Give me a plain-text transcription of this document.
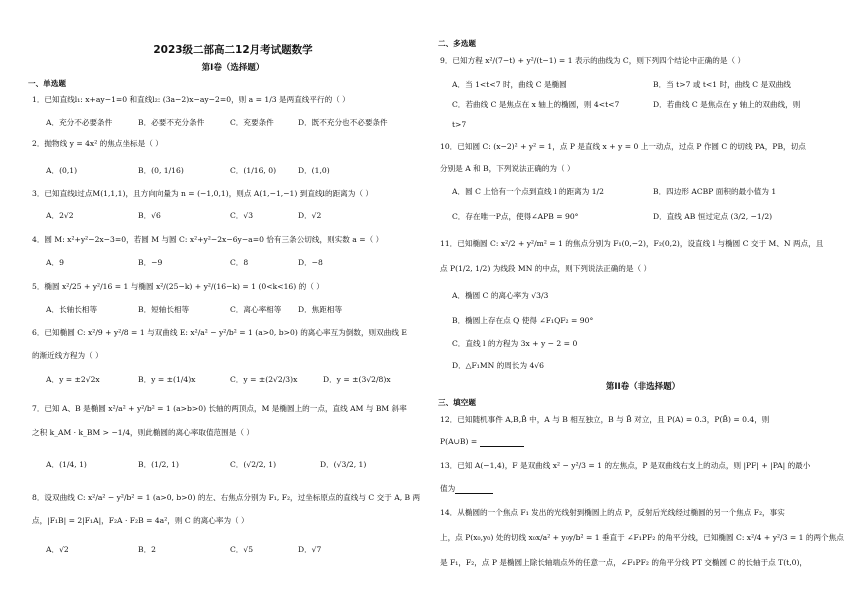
2023级二部高二12月考试题数学
第Ⅰ卷（选择题）
一、单选题
1．已知直线l₁: x+ay−1=0 和直线l₂: (3a−2)x−ay−2=0，则 a = 1/3 是两直线平行的（ ）
A．充分不必要条件	B．必要不充分条件	C．充要条件	D．既不充分也不必要条件
2．抛物线 y = 4x² 的焦点坐标是（ ）
A．(0,1)	B．(0, 1/16)	C．(1/16, 0)	D．(1,0)
3．已知直线l过点M(1,1,1)，且方向向量为 n = (−1,0,1)，则点 A(1,−1,−1) 到直线l的距离为（ ）
A．2√2	B．√6	C．√3	D．√2
4．圆 M: x²+y²−2x−3=0，若圆 M 与圆 C: x²+y²−2x−6y−a=0 恰有三条公切线，则实数 a =（ ）
A．9	B．−9	C．8	D．−8
5．椭圆 x²/25 + y²/16 = 1 与椭圆 x²/(25−k) + y²/(16−k) = 1 (0<k<16) 的（ ）
A．长轴长相等	B．短轴长相等	C．离心率相等 D．焦距相等
6．已知椭圆 C: x²/9 + y²/8 = 1 与双曲线 E: x²/a² − y²/b² = 1 (a>0, b>0) 的离心率互为倒数，则双曲线 E
的渐近线方程为（ ）
A．y = ±2√2x	B．y = ±(1/4)x	C．y = ±(2√2/3)x	D．y = ±(3√2/8)x
7．已知 A、B 是椭圆 x²/a² + y²/b² = 1 (a>b>0) 长轴的两顶点，M 是椭圆上的一点，直线 AM 与 BM 斜率
之积 k_AM · k_BM > −1/4，则此椭圆的离心率取值范围是（ ）
A．(1/4, 1)	B．(1/2, 1)	C．(√2/2, 1)	D．(√3/2, 1)
8．设双曲线 C: x²/a² − y²/b² = 1 (a>0, b>0) 的左、右焦点分别为 F₁, F₂，过坐标原点的直线与 C 交于 A, B 两
点，|F₁B| = 2|F₁A|，F₂A · F₂B = 4a²，则 C 的离心率为（ ）
A．√2	B．2	C．√5	D．√7
二、多选题
9．已知方程 x²/(7−t) + y²/(t−1) = 1 表示的曲线为 C，则下列四个结论中正确的是（ ）
A．当 1<t<7 时，曲线 C 是椭圆	B．当 t>7 或 t<1 时，曲线 C 是双曲线
C．若曲线 C 是焦点在 x 轴上的椭圆，则 4<t<7	D．若曲线 C 是焦点在 y 轴上的双曲线，则
t>7
10．已知圆 C: (x−2)² + y² = 1，点 P 是直线 x + y = 0 上一动点，过点 P 作圆 C 的切线 PA，PB，切点
分别是 A 和 B，下列说法正确的为（ ）
A．圆 C 上恰有一个点到直线 l 的距离为 1/2	B．四边形 ACBP 面积的最小值为 1
C．存在唯一P点，使得∠APB = 90°	D．直线 AB 恒过定点 (3/2, −1/2)
11．已知椭圆 C: x²/2 + y²/m² = 1 的焦点分别为 F₁(0,−2)，F₂(0,2)，设直线 l 与椭圆 C 交于 M、N 两点，且
点 P(1/2, 1/2) 为线段 MN 的中点，则下列说法正确的是（ ）
A．椭圆 C 的离心率为 √3/3
B．椭圆上存在点 Q 使得 ∠F₁QF₂ = 90°
C．直线 l 的方程为 3x + y − 2 = 0
D．△F₁MN 的周长为 4√6
第II卷（非选择题）
三、填空题
12．已知随机事件 A,B,B̄ 中，A 与 B 相互独立，B 与 B̄ 对立，且 P(A) = 0.3，P(B̄) = 0.4，则
P(A∪B) =
13．已知 A(−1,4)，F 是双曲线 x² − y²/3 = 1 的左焦点，P 是双曲线右支上的动点，则 |PF| + |PA| 的最小
值为
14．从椭圆的一个焦点 F₁ 发出的光线射到椭圆上的点 P，反射后光线经过椭圆的另一个焦点 F₂，事实
上，点 P(x₀,y₀) 处的切线 x₀x/a² + y₀y/b² = 1 垂直于 ∠F₁PF₂ 的角平分线，已知椭圆 C: x²/4 + y²/3 = 1 的两个焦点
是 F₁，F₂，点 P 是椭圆上除长轴端点外的任意一点，∠F₁PF₂ 的角平分线 PT 交椭圆 C 的长轴于点 T(t,0)，
